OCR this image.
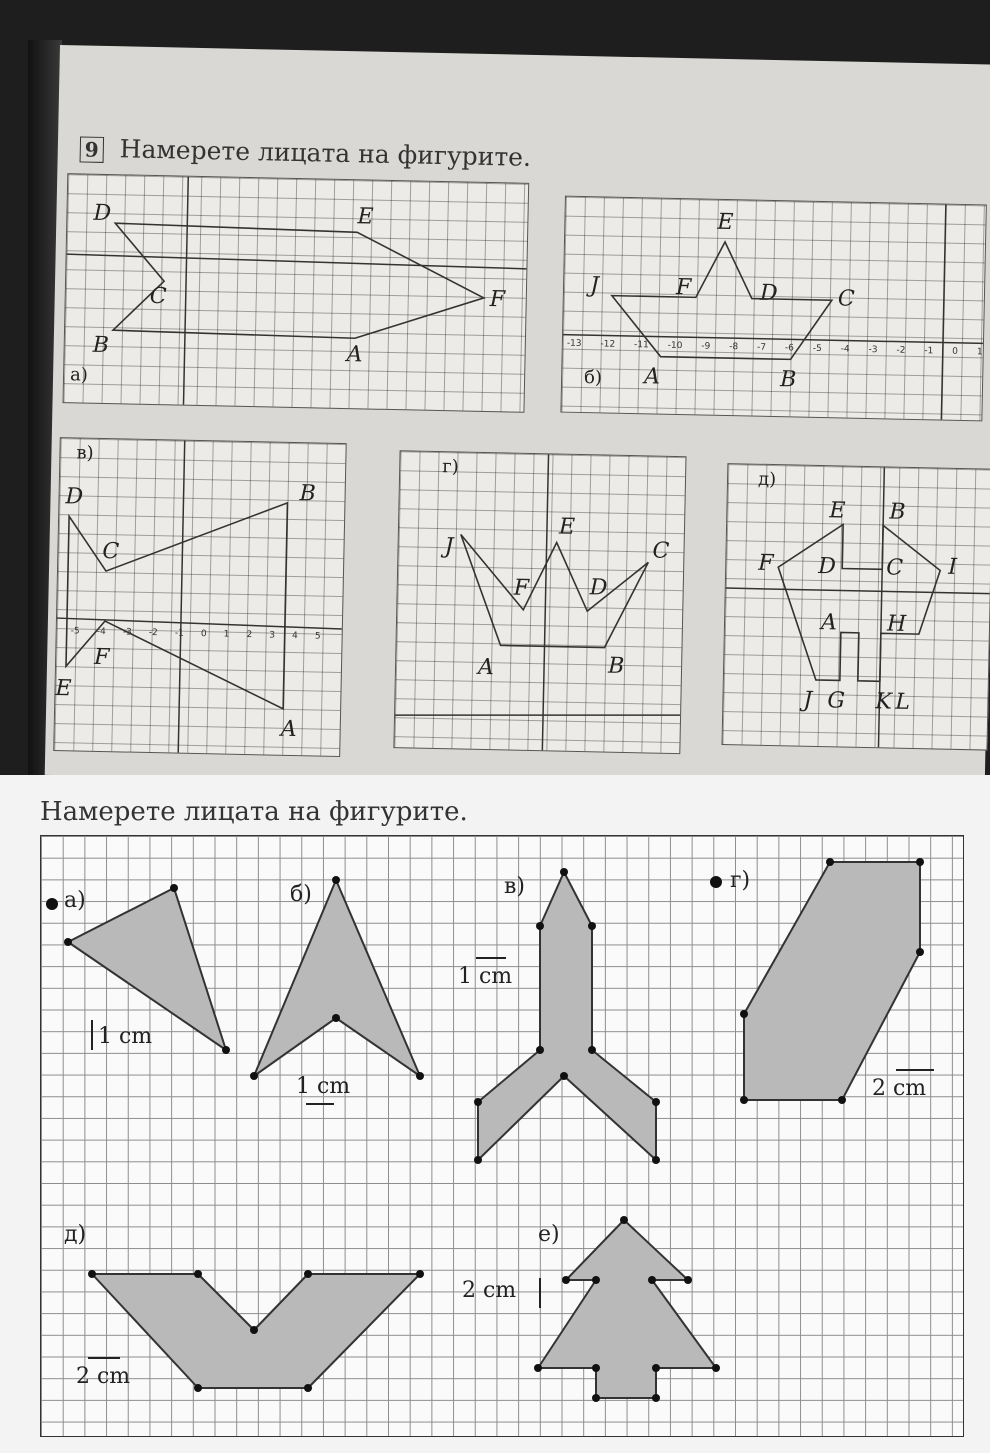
9 Намерете лицата на фигурите.
D	E
C	F
B	A
а)
E
J	F	D	C
A	B
б)
-13 -12 -11 -10 -9 -8 -7 -6 -5 -4 -3 -2 -1 0 1
D	B
C
F
E
A
в)
-5 -4 -3 -2 -1 0 1 2 3 4 5
J
E
C
F	D
A	B
г)
E B
F D C I
A H
J G K L
д)
Намерете лицата на фигурите.
а)	б)	в)	г)
д)	е)
1 cm
1 cm
1 cm
2 cm
2 cm
2 cm
